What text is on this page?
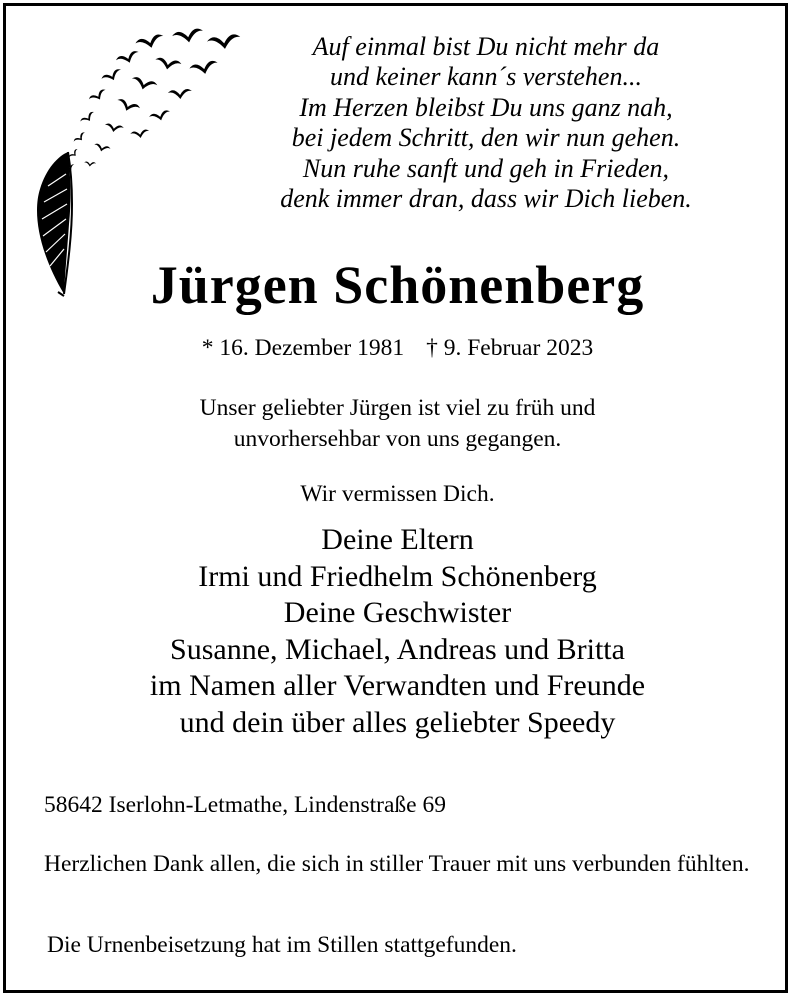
Auf einmal bist Du nicht mehr da
und keiner kann´s verstehen...
Im Herzen bleibst Du uns ganz nah,
bei jedem Schritt, den wir nun gehen.
Nun ruhe sanft und geh in Frieden,
denk immer dran, dass wir Dich lieben.
Jürgen Schönenberg
* 16. Dezember 1981 † 9. Februar 2023
Unser geliebter Jürgen ist viel zu früh und
unvorhersehbar von uns gegangen.
Wir vermissen Dich.
Deine Eltern
Irmi und Friedhelm Schönenberg
Deine Geschwister
Susanne, Michael, Andreas und Britta
im Namen aller Verwandten und Freunde
und dein über alles geliebter Speedy
58642 Iserlohn-Letmathe, Lindenstraße 69
Herzlichen Dank allen, die sich in stiller Trauer mit uns verbunden fühlten.
Die Urnenbeisetzung hat im Stillen stattgefunden.
